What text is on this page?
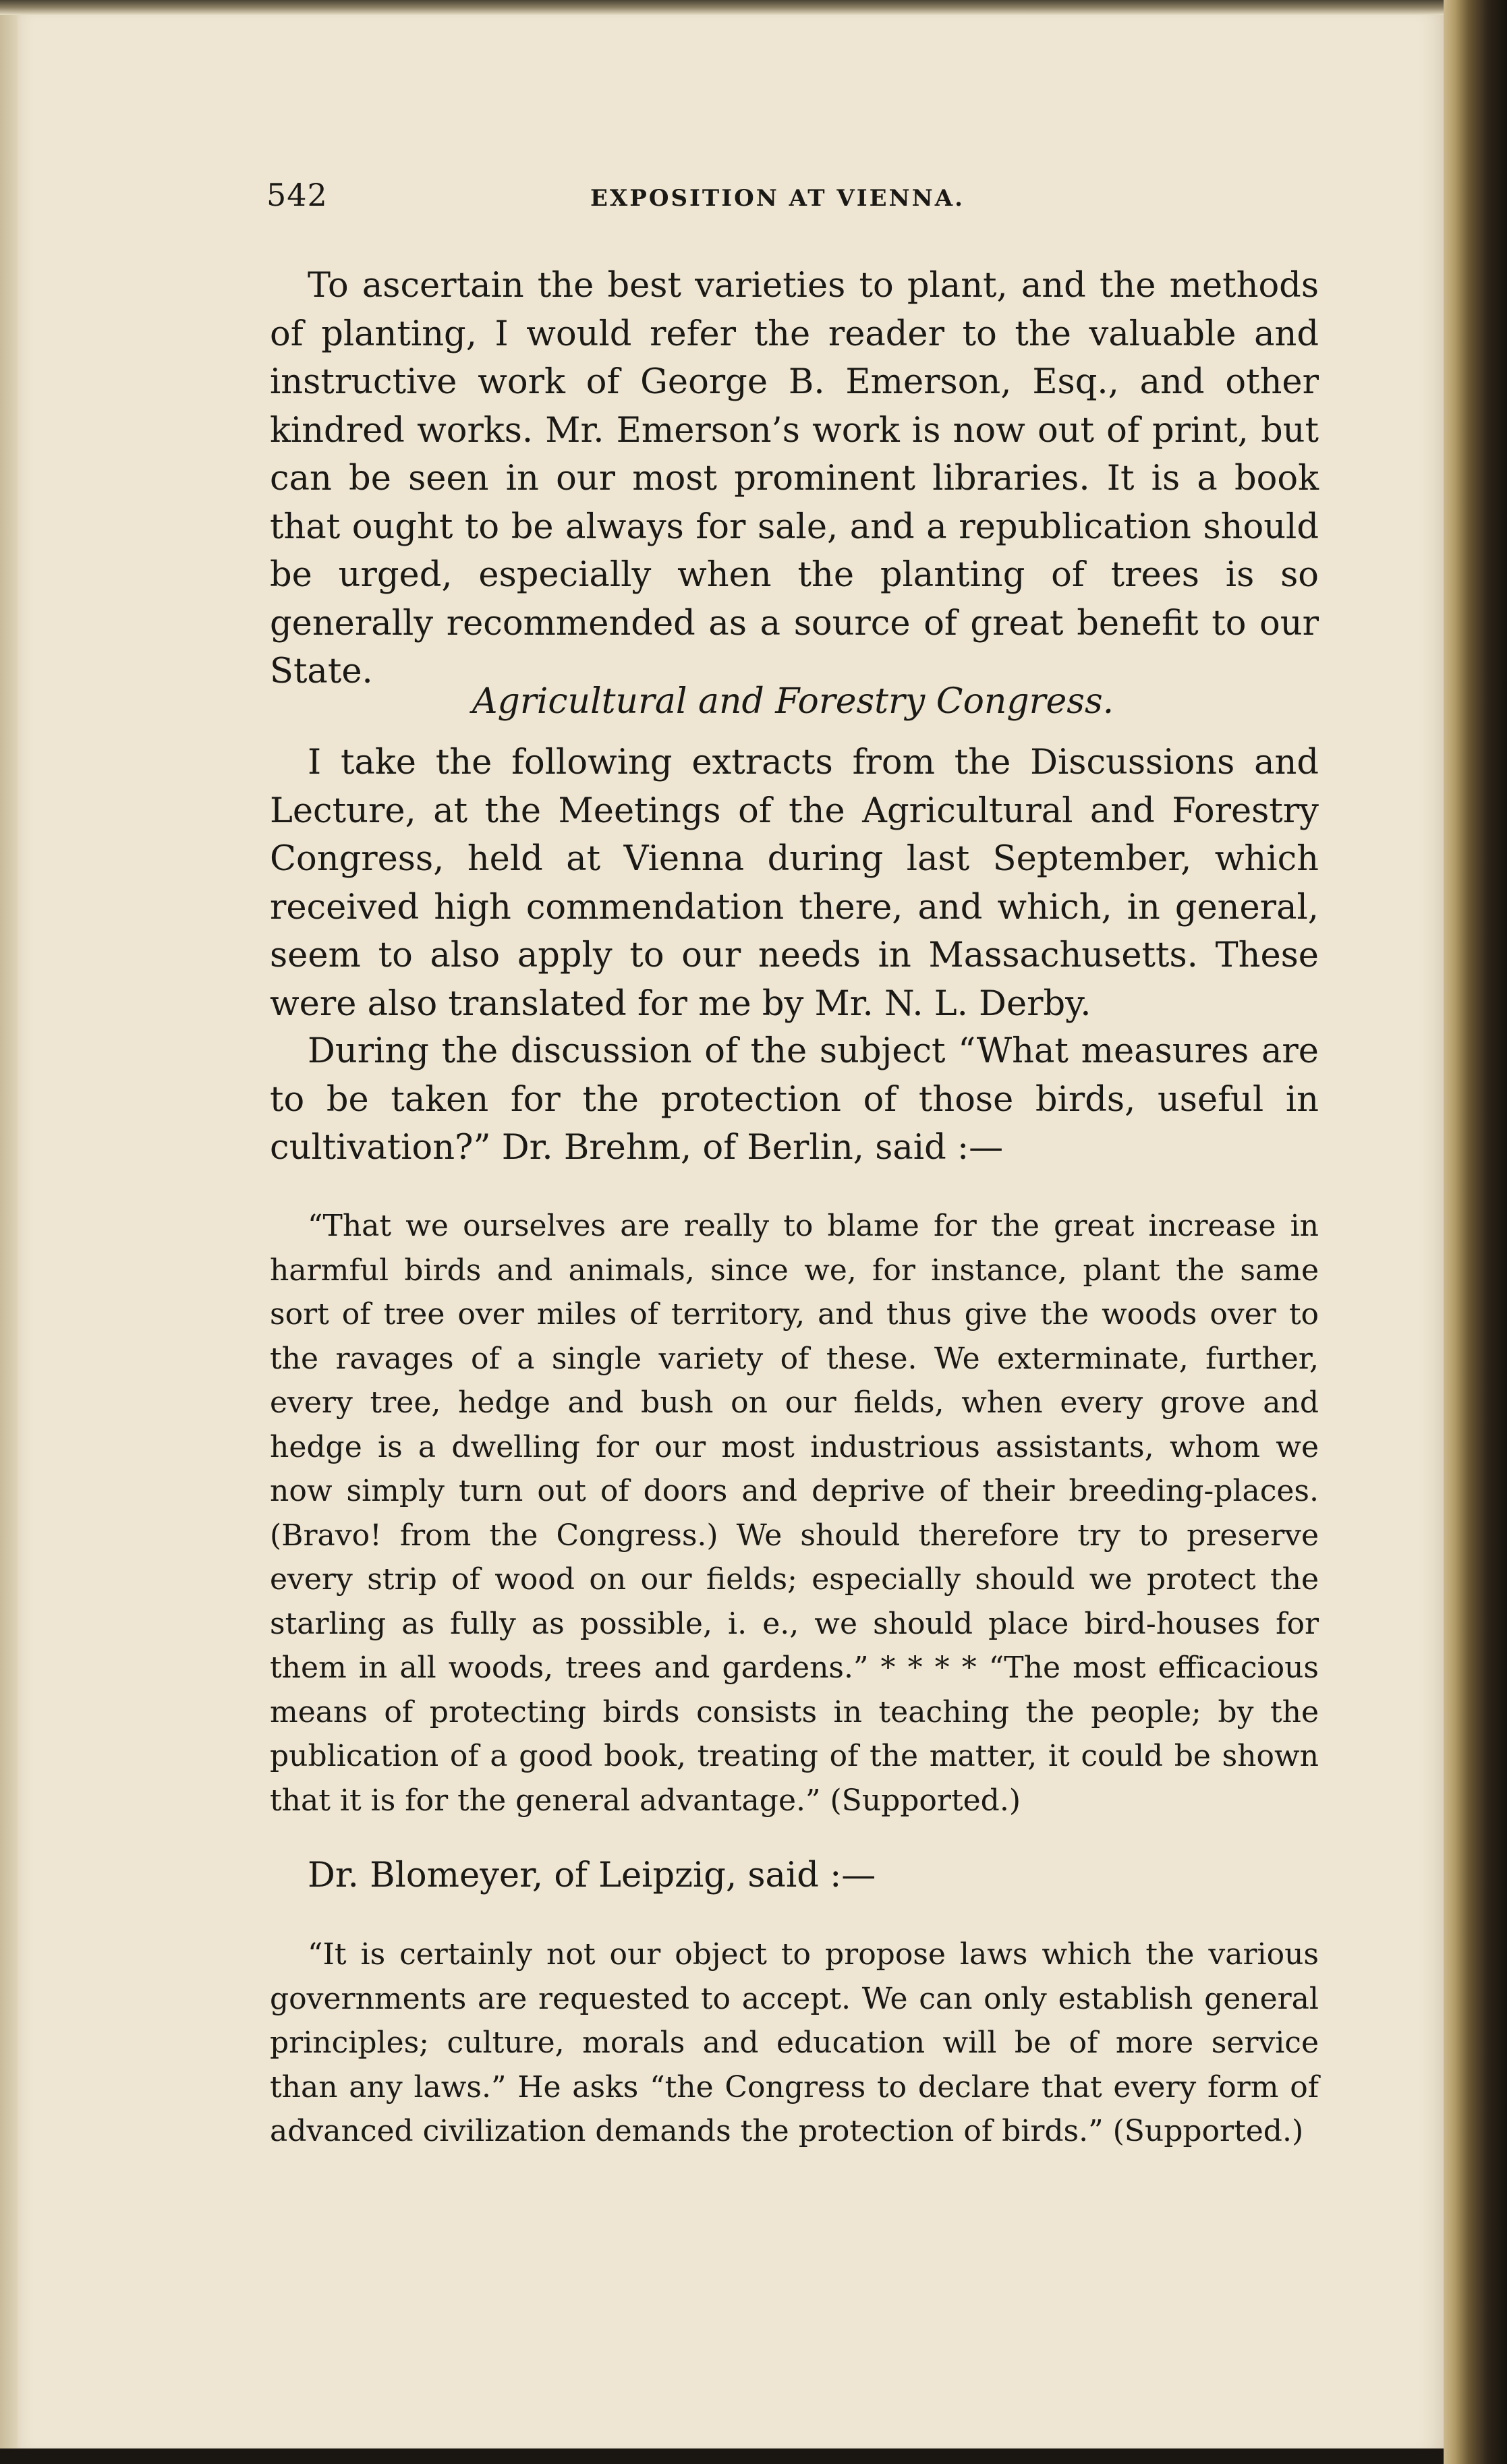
542	EXPOSITION AT VIENNA.

To ascertain the best varieties to plant, and the methods of planting, I would refer the reader to the valuable and instructive work of George B. Emerson, Esq., and other kindred works. Mr. Emerson’s work is now out of print, but can be seen in our most prominent libraries. It is a book that ought to be always for sale, and a republication should be urged, especially when the planting of trees is so generally recommended as a source of great benefit to our State.

Agricultural and Forestry Congress.

I take the following extracts from the Discussions and Lecture, at the Meetings of the Agricultural and Forestry Congress, held at Vienna during last September, which received high commendation there, and which, in general, seem to also apply to our needs in Massachusetts. These were also translated for me by Mr. N. L. Derby.

During the discussion of the subject “What measures are to be taken for the protection of those birds, useful in cultivation?” Dr. Brehm, of Berlin, said :—

“That we ourselves are really to blame for the great increase in harmful birds and animals, since we, for instance, plant the same sort of tree over miles of territory, and thus give the woods over to the ravages of a single variety of these. We exterminate, further, every tree, hedge and bush on our fields, when every grove and hedge is a dwelling for our most industrious assistants, whom we now simply turn out of doors and deprive of their breeding-places. (Bravo! from the Congress.) We should therefore try to preserve every strip of wood on our fields; especially should we protect the starling as fully as possible, i. e., we should place bird-houses for them in all woods, trees and gardens.” * * * * “The most efficacious means of protecting birds consists in teaching the people; by the publication of a good book, treating of the matter, it could be shown that it is for the general advantage.” (Supported.)

Dr. Blomeyer, of Leipzig, said :—

“It is certainly not our object to propose laws which the various governments are requested to accept. We can only establish general principles; culture, morals and education will be of more service than any laws.” He asks “the Congress to declare that every form of advanced civilization demands the protection of birds.” (Supported.)
